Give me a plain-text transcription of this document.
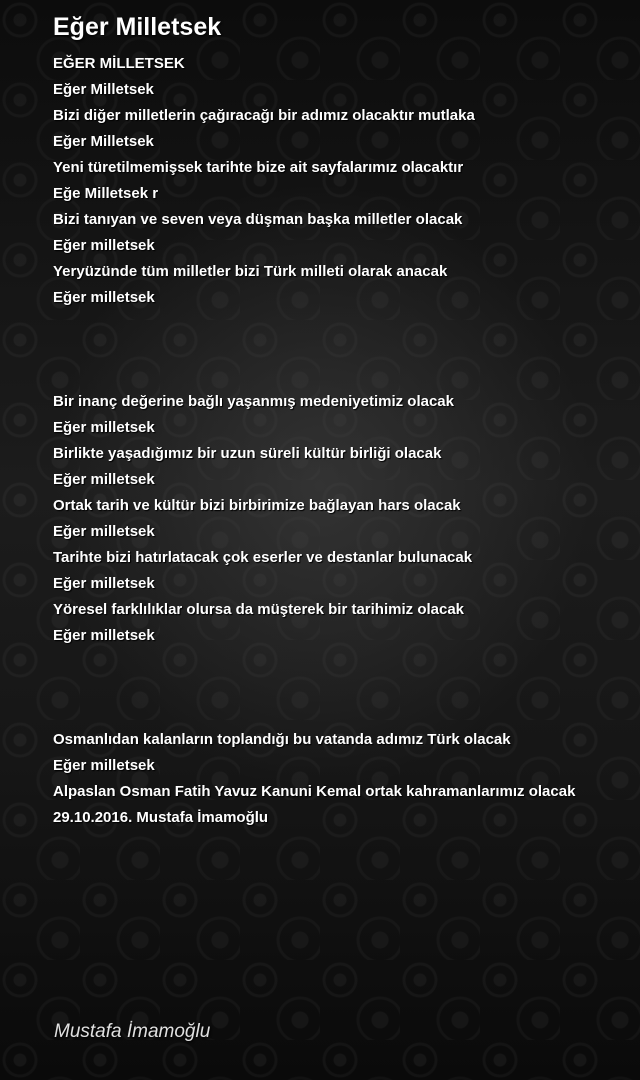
Eğer Milletsek
EĞER MİLLETSEK
Eğer Milletsek
Bizi diğer milletlerin çağıracağı bir adımız olacaktır mutlaka
Eğer Milletsek
Yeni türetilmemişsek tarihte bize ait sayfalarımız olacaktır
Eğe Milletsek r
Bizi tanıyan ve seven veya düşman başka milletler olacak
Eğer milletsek
Yeryüzünde tüm milletler bizi Türk milleti olarak anacak
Eğer milletsek
Bir inanç değerine bağlı yaşanmış medeniyetimiz olacak
Eğer milletsek
Birlikte yaşadığımız bir uzun süreli kültür birliği olacak
Eğer milletsek
Ortak tarih ve kültür bizi birbirimize bağlayan hars olacak
Eğer milletsek
Tarihte bizi hatırlatacak çok eserler ve destanlar bulunacak
Eğer milletsek
Yöresel farklılıklar olursa da müşterek bir tarihimiz olacak
Eğer milletsek
Osmanlıdan kalanların toplandığı bu vatanda adımız Türk olacak
Eğer milletsek
Alpaslan Osman Fatih Yavuz Kanuni Kemal ortak kahramanlarımız olacak
29.10.2016. Mustafa İmamoğlu

Mustafa İmamoğlu
